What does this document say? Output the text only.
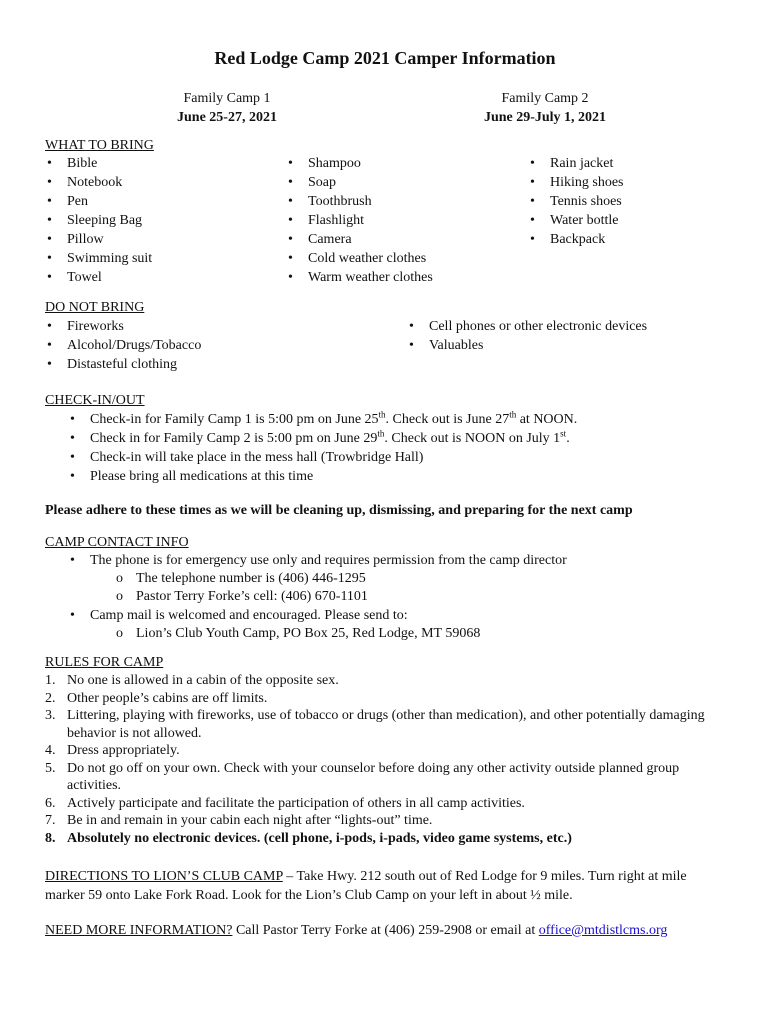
Red Lodge Camp 2021 Camper Information
Family Camp 1
June 25-27, 2021
Family Camp 2
June 29-July 1, 2021
WHAT TO BRING
• Bible
• Notebook
• Pen
• Sleeping Bag
• Pillow
• Swimming suit
• Towel
• Shampoo
• Soap
• Toothbrush
• Flashlight
• Camera
• Cold weather clothes
• Warm weather clothes
• Rain jacket
• Hiking shoes
• Tennis shoes
• Water bottle
• Backpack
DO NOT BRING
• Fireworks
• Alcohol/Drugs/Tobacco
• Distasteful clothing
• Cell phones or other electronic devices
• Valuables
CHECK-IN/OUT
• Check-in for Family Camp 1 is 5:00 pm on June 25th. Check out is June 27th at NOON.
• Check in for Family Camp 2 is 5:00 pm on June 29th. Check out is NOON on July 1st.
• Check-in will take place in the mess hall (Trowbridge Hall)
• Please bring all medications at this time
Please adhere to these times as we will be cleaning up, dismissing, and preparing for the next camp
CAMP CONTACT INFO
• The phone is for emergency use only and requires permission from the camp director
o The telephone number is (406) 446-1295
o Pastor Terry Forke’s cell: (406) 670-1101
• Camp mail is welcomed and encouraged. Please send to:
o Lion’s Club Youth Camp, PO Box 25, Red Lodge, MT 59068
RULES FOR CAMP
1. No one is allowed in a cabin of the opposite sex.
2. Other people’s cabins are off limits.
3. Littering, playing with fireworks, use of tobacco or drugs (other than medication), and other potentially damaging behavior is not allowed.
4. Dress appropriately.
5. Do not go off on your own. Check with your counselor before doing any other activity outside planned group activities.
6. Actively participate and facilitate the participation of others in all camp activities.
7. Be in and remain in your cabin each night after “lights-out” time.
8. Absolutely no electronic devices. (cell phone, i-pods, i-pads, video game systems, etc.)
DIRECTIONS TO LION’S CLUB CAMP – Take Hwy. 212 south out of Red Lodge for 9 miles. Turn right at mile marker 59 onto Lake Fork Road. Look for the Lion’s Club Camp on your left in about ½ mile.
NEED MORE INFORMATION? Call Pastor Terry Forke at (406) 259-2908 or email at office@mtdistlcms.org
